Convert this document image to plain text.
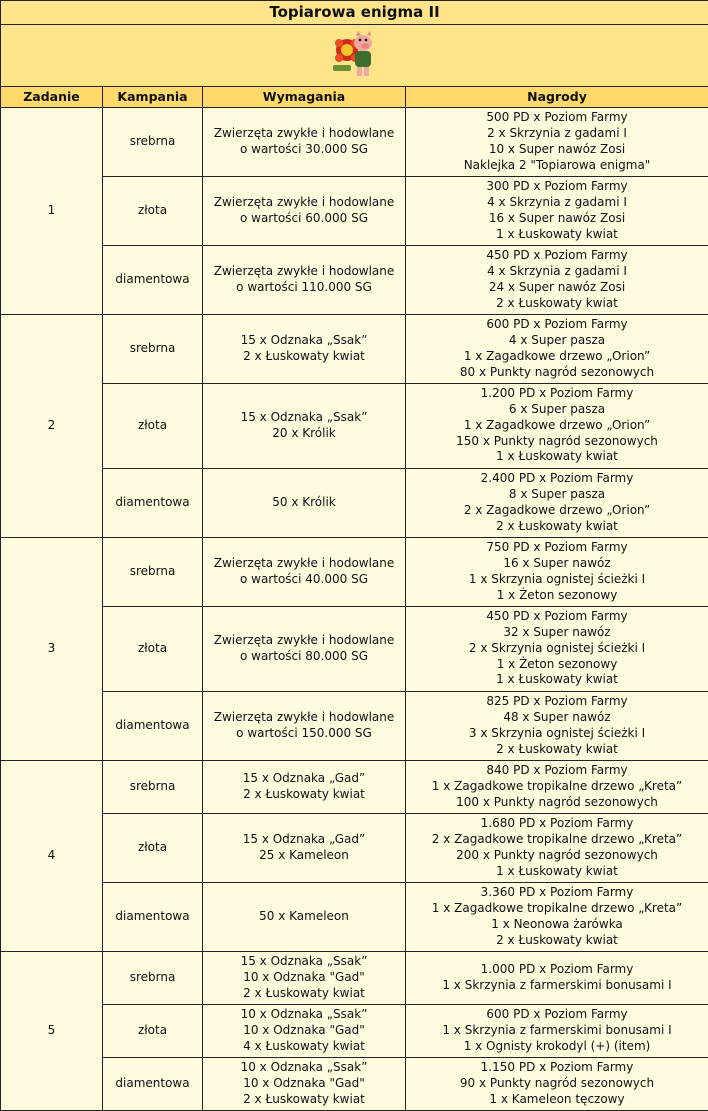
Topiarowa enigma II			

Zadanie	Kampania	Wymagania	Nagrody
1	srebrna	Zwierzęta zwykłe i hodowlane
o wartości 30.000 SG	500 PD x Poziom Farmy
2 x Skrzynia z gadami I
10 x Super nawóz Zosi
Naklejka 2 "Topiarowa enigma"

	złota	Zwierzęta zwykłe i hodowlane
o wartości 60.000 SG	300 PD x Poziom Farmy
4 x Skrzynia z gadami I
16 x Super nawóz Zosi
1 x Łuskowaty kwiat

	diamentowa	Zwierzęta zwykłe i hodowlane
o wartości 110.000 SG	450 PD x Poziom Farmy
4 x Skrzynia z gadami I
24 x Super nawóz Zosi
2 x Łuskowaty kwiat

2	srebrna	15 x Odznaka „Ssak”
2 x Łuskowaty kwiat	600 PD x Poziom Farmy
4 x Super pasza
1 x Zagadkowe drzewo „Orion”
80 x Punkty nagród sezonowych

	złota	15 x Odznaka „Ssak”
20 x Królik	1.200 PD x Poziom Farmy
6 x Super pasza
1 x Zagadkowe drzewo „Orion”
150 x Punkty nagród sezonowych
1 x Łuskowaty kwiat

	diamentowa	50 x Królik	2.400 PD x Poziom Farmy
8 x Super pasza
2 x Zagadkowe drzewo „Orion”
2 x Łuskowaty kwiat

3	srebrna	Zwierzęta zwykłe i hodowlane
o wartości 40.000 SG	750 PD x Poziom Farmy
16 x Super nawóz
1 x Skrzynia ognistej ścieżki I
1 x Żeton sezonowy

	złota	Zwierzęta zwykłe i hodowlane
o wartości 80.000 SG	450 PD x Poziom Farmy
32 x Super nawóz
2 x Skrzynia ognistej ścieżki I
1 x Żeton sezonowy
1 x Łuskowaty kwiat

	diamentowa	Zwierzęta zwykłe i hodowlane
o wartości 150.000 SG	825 PD x Poziom Farmy
48 x Super nawóz
3 x Skrzynia ognistej ścieżki I
2 x Łuskowaty kwiat

4	srebrna	15 x Odznaka „Gad”
2 x Łuskowaty kwiat	840 PD x Poziom Farmy
1 x Zagadkowe tropikalne drzewo „Kreta”
100 x Punkty nagród sezonowych

	złota	15 x Odznaka „Gad”
25 x Kameleon	1.680 PD x Poziom Farmy
2 x Zagadkowe tropikalne drzewo „Kreta”
200 x Punkty nagród sezonowych
1 x Łuskowaty kwiat

	diamentowa	50 x Kameleon	3.360 PD x Poziom Farmy
1 x Zagadkowe tropikalne drzewo „Kreta”
1 x Neonowa żarówka
2 x Łuskowaty kwiat

5	srebrna	15 x Odznaka „Ssak”
10 x Odznaka "Gad"
2 x Łuskowaty kwiat	1.000 PD x Poziom Farmy
1 x Skrzynia z farmerskimi bonusami I

	złota	10 x Odznaka „Ssak”
10 x Odznaka "Gad"
4 x Łuskowaty kwiat	600 PD x Poziom Farmy
1 x Skrzynia z farmerskimi bonusami I
1 x Ognisty krokodyl (+) (item)

	diamentowa	10 x Odznaka „Ssak”
10 x Odznaka "Gad"
2 x Łuskowaty kwiat	1.150 PD x Poziom Farmy
90 x Punkty nagród sezonowych
1 x Kameleon tęczowy
